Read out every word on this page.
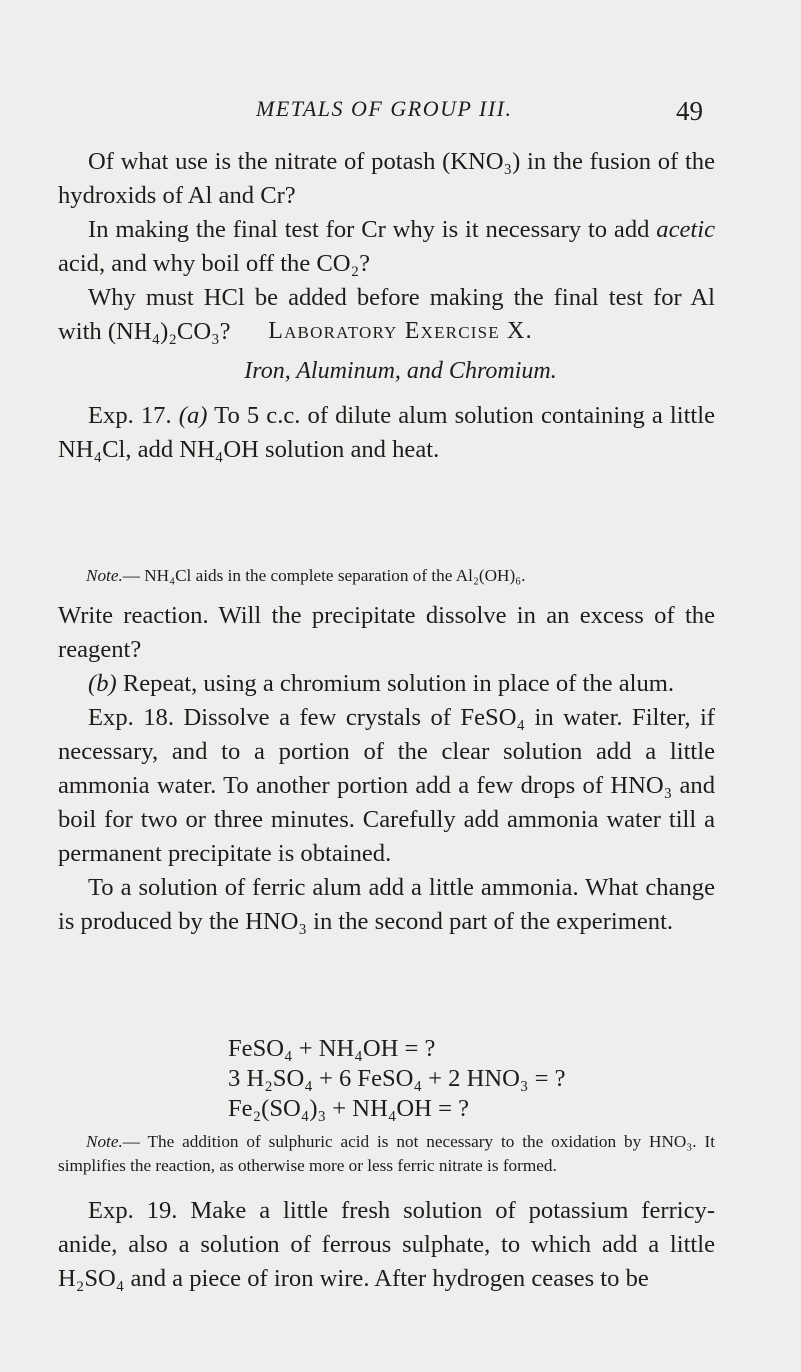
METALS OF GROUP III.	49

Of what use is the nitrate of potash (KNO₃) in the fusion of the hydroxids of Al and Cr?

In making the final test for Cr why is it necessary to add acetic acid, and why boil off the CO₂?

Why must HCl be added before making the final test for Al with (NH₄)₂CO₃?	Laboratory Exercise X.
Iron, Aluminum, and Chromium.

Exp. 17. (a) To 5 c.c. of dilute alum solution containing a little NH₄Cl, add NH₄OH solution and heat.

Note.— NH₄Cl aids in the complete separation of the Al₂(OH)₆.

Write reaction. Will the precipitate dissolve in an excess of the reagent?

(b) Repeat, using a chromium solution in place of the alum.

Exp. 18. Dissolve a few crystals of FeSO₄ in water. Filter, if necessary, and to a portion of the clear solution add a little ammonia water. To another portion add a few drops of HNO₃ and boil for two or three minutes. Carefully add ammonia water till a permanent precipitate is obtained.

To a solution of ferric alum add a little ammonia. What change is produced by the HNO₃ in the second part of the experiment.

FeSO₄ + NH₄OH = ?
3 H₂SO₄ + 6 FeSO₄ + 2 HNO₃ = ?
Fe₂(SO₄)₃ + NH₄OH = ?

Note.— The addition of sulphuric acid is not necessary to the oxidation by HNO₃. It simplifies the reaction, as otherwise more or less ferric nitrate is formed.

Exp. 19. Make a little fresh solution of potassium ferricy- anide, also a solution of ferrous sulphate, to which add a little H₂SO₄ and a piece of iron wire. After hydrogen ceases to be
